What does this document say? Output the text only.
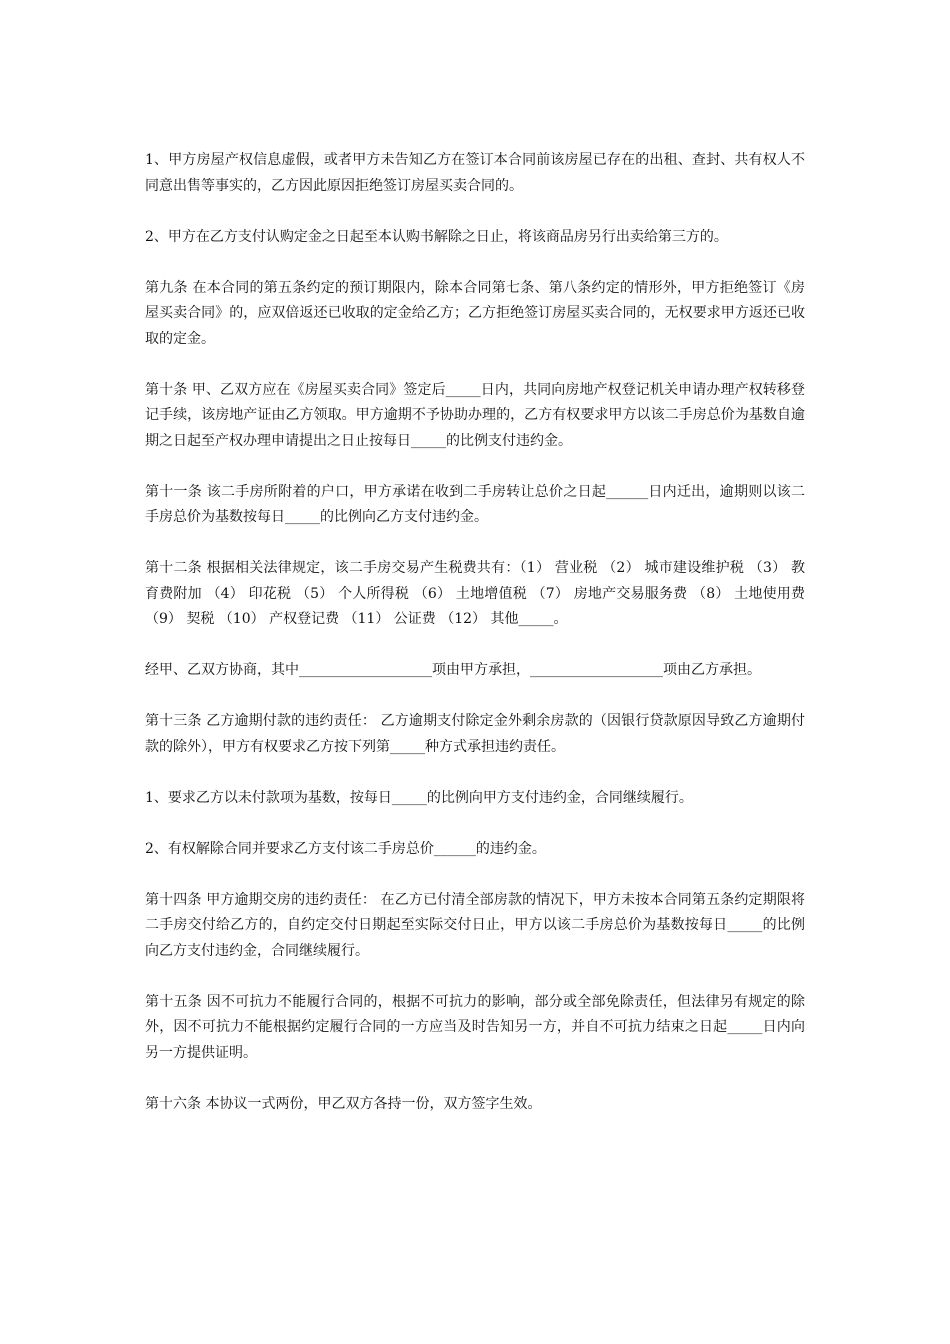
1、甲方房屋产权信息虚假，或者甲方未告知乙方在签订本合同前该房屋已存在的出租、查封、共有权人不同意出售等事实的，乙方因此原因拒绝签订房屋买卖合同的。

2、甲方在乙方支付认购定金之日起至本认购书解除之日止，将该商品房另行出卖给第三方的。

第九条 在本合同的第五条约定的预订期限内，除本合同第七条、第八条约定的情形外，甲方拒绝签订《房屋买卖合同》的，应双倍返还已收取的定金给乙方；乙方拒绝签订房屋买卖合同的，无权要求甲方返还已收取的定金。

第十条 甲、乙双方应在《房屋买卖合同》签定后_____日内，共同向房地产权登记机关申请办理产权转移登记手续，该房地产证由乙方领取。甲方逾期不予协助办理的，乙方有权要求甲方以该二手房总价为基数自逾期之日起至产权办理申请提出之日止按每日_____的比例支付违约金。

第十一条 该二手房所附着的户口，甲方承诺在收到二手房转让总价之日起______日内迁出，逾期则以该二手房总价为基数按每日_____的比例向乙方支付违约金。

第十二条 根据相关法律规定，该二手房交易产生税费共有：（1） 营业税 （2） 城市建设维护税 （3） 教育费附加 （4） 印花税 （5） 个人所得税 （6） 土地增值税 （7） 房地产交易服务费 （8） 土地使用费 （9） 契税 （10） 产权登记费 （11） 公证费 （12） 其他_____。

经甲、乙双方协商，其中___________________项由甲方承担，___________________项由乙方承担。

第十三条 乙方逾期付款的违约责任： 乙方逾期支付除定金外剩余房款的（因银行贷款原因导致乙方逾期付款的除外），甲方有权要求乙方按下列第_____种方式承担违约责任。

1、要求乙方以未付款项为基数，按每日_____的比例向甲方支付违约金，合同继续履行。

2、有权解除合同并要求乙方支付该二手房总价______的违约金。

第十四条 甲方逾期交房的违约责任： 在乙方已付清全部房款的情况下，甲方未按本合同第五条约定期限将二手房交付给乙方的，自约定交付日期起至实际交付日止，甲方以该二手房总价为基数按每日_____的比例向乙方支付违约金，合同继续履行。

第十五条 因不可抗力不能履行合同的，根据不可抗力的影响，部分或全部免除责任，但法律另有规定的除外，因不可抗力不能根据约定履行合同的一方应当及时告知另一方，并自不可抗力结束之日起_____日内向另一方提供证明。

第十六条 本协议一式两份，甲乙双方各持一份，双方签字生效。
